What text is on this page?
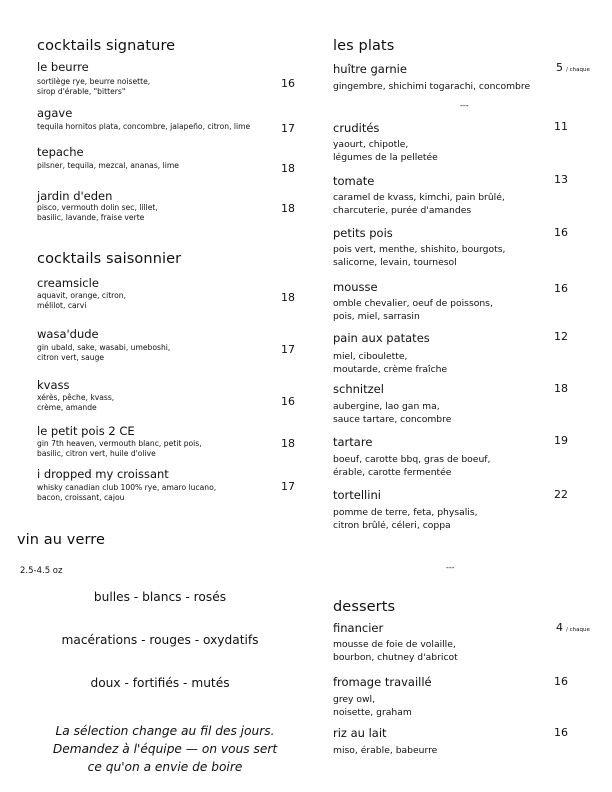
cocktails signature
le beurre
sortilège rye, beurre noisette,
sirop d'érable, "bitters"
16
agave
tequila hornitos plata, concombre, jalapeño, citron, lime	17
tepache
pilsner, tequila, mezcal, ananas, lime	18
jardin d'eden
pisco, vermouth dolin sec, lillet,
basilic, lavande, fraise verte
18
cocktails saisonnier
creamsicle
aquavit, orange, citron,
mélilot, carvi
18
wasa'dude
gin ubald, sake, wasabi, umeboshi,
citron vert, sauge
17
kvass
xérès, pêche, kvass,
crème, amande	16
le petit pois 2 CE
gin 7th heaven, vermouth blanc, petit pois,
basilic, citron vert, huile d'olive
18
i dropped my croissant
whisky canadian club 100% rye, amaro lucano,
bacon, croissant, cajou
17
vin au verre
2.5-4.5 oz
bulles - blancs - rosés
macérations - rouges - oxydatifs
doux - fortifiés - mutés
La sélection change au fil des jours.
Demandez à l'équipe — on vous sert
ce qu'on a envie de boire
les plats
huître garnie
gingembre, shichimi togarachi, concombre
5 / chaque
---
crudités
yaourt, chipotle,
légumes de la pelletée
11
tomate
caramel de kvass, kimchi, pain brûlé,
charcuterie, purée d'amandes
13
petits pois
pois vert, menthe, shishito, bourgots,
salicorne, levain, tournesol
16
mousse
omble chevalier, oeuf de poissons,
pois, miel, sarrasin
16
pain aux patates
miel, ciboulette,
moutarde, crème fraîche
12
schnitzel
aubergine, lao gan ma,
sauce tartare, concombre
18
tartare
boeuf, carotte bbq, gras de boeuf,
érable, carotte fermentée
19
tortellini
pomme de terre, feta, physalis,
citron brûlé, céleri, coppa
22
---
desserts
financier
mousse de foie de volaille,
bourbon, chutney d'abricot
4 / chaque
fromage travaillé
grey owl,
noisette, graham
16
riz au lait
miso, érable, babeurre
16
